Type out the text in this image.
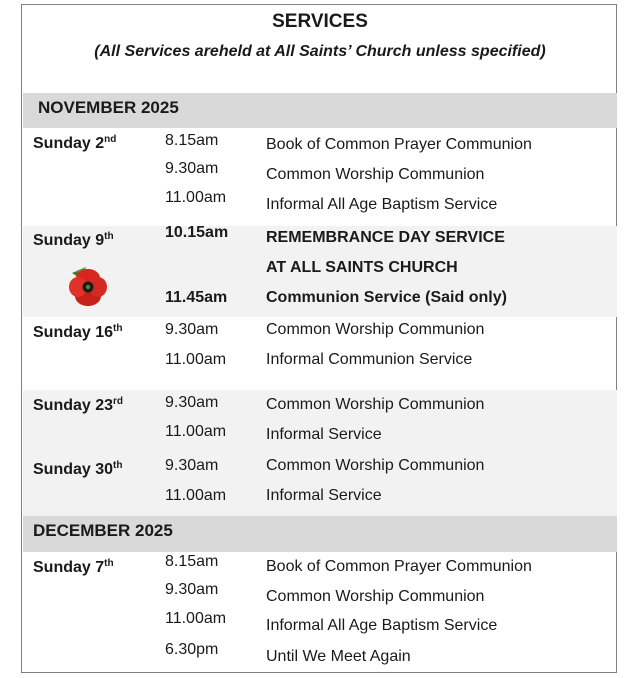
SERVICES
(All Services areheld at All Saints’ Church unless specified)
NOVEMBER 2025
DECEMBER 2025
Sunday 2nd	8.15am	Book of Common Prayer Communion
9.30am	Common Worship Communion
11.00am Informal All Age Baptism Service
Sunday 9th	10.15am REMEMBRANCE DAY SERVICE
AT ALL SAINTS CHURCH
11.45am Communion Service (Said only)
Sunday 16th	9.30am	Common Worship Communion
11.00am Informal Communion Service
Sunday 23rd	9.30am	Common Worship Communion
11.00am Informal Service
Sunday 30th	9.30am	Common Worship Communion
11.00am Informal Service
Sunday 7th	8.15am	Book of Common Prayer Communion
9.30am	Common Worship Communion
11.00am Informal All Age Baptism Service
6.30pm	Until We Meet Again
